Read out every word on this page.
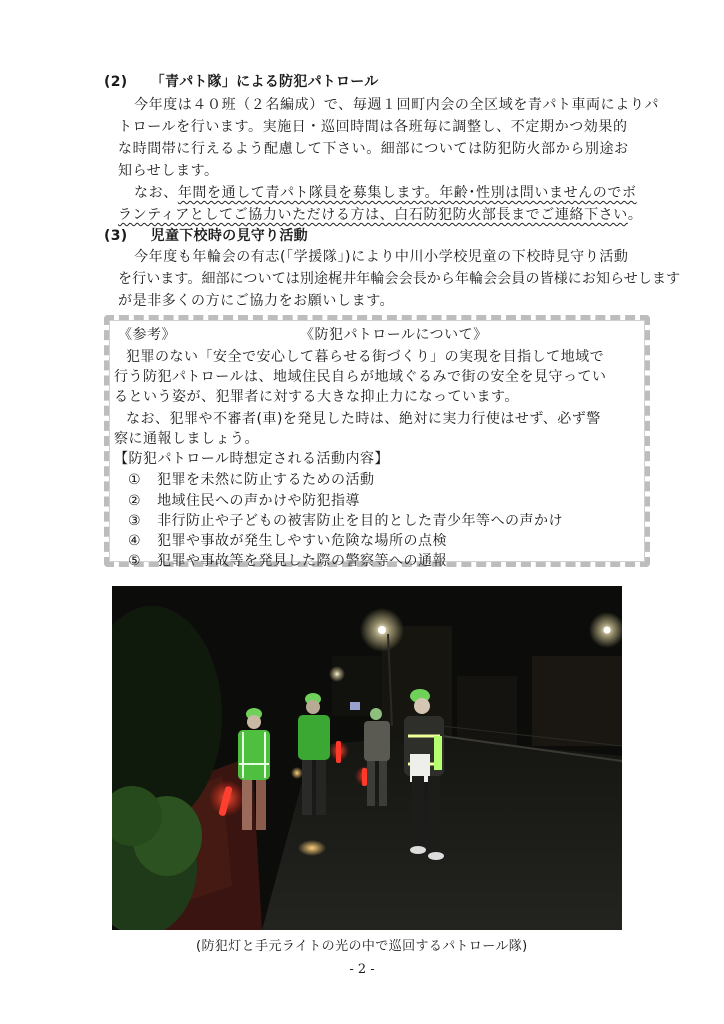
(2) 「青パト隊」による防犯パトロール
今年度は４０班（２名編成）で、毎週１回町内会の全区域を青パト車両によりパ
トロールを行います。実施日・巡回時間は各班毎に調整し、不定期かつ効果的
な時間帯に行えるよう配慮して下さい。細部については防犯防火部から別途お
知らせします。
なお、年間を通して青パト隊員を募集します。年齢･性別は問いませんのでボ
ランティアとしてご協力いただける方は、白石防犯防火部長までご連絡下さい。
(3) 児童下校時の見守り活動
今年度も年輪会の有志(「学援隊」)により中川小学校児童の下校時見守り活動
を行います。細部については別途梶井年輪会会長から年輪会会員の皆様にお知らせします
が是非多くの方にご協力をお願いします。
《参考》	《防犯パトロールについて》
犯罪のない「安全で安心して暮らせる街づくり」の実現を目指して地域で
行う防犯パトロールは、地域住民自らが地域ぐるみで街の安全を見守ってい
るという姿が、犯罪者に対する大きな抑止力になっています。
なお、犯罪や不審者(車)を発見した時は、絶対に実力行使はせず、必ず警
察に通報しましょう。
【防犯パトロール時想定される活動内容】
① 犯罪を未然に防止するための活動
② 地域住民への声かけや防犯指導
③ 非行防止や子どもの被害防止を目的とした青少年等への声かけ
④ 犯罪や事故が発生しやすい危険な場所の点検
⑤ 犯罪や事故等を発見した際の警察等への通報
(防犯灯と手元ライトの光の中で巡回するパトロール隊)
- 2 -
